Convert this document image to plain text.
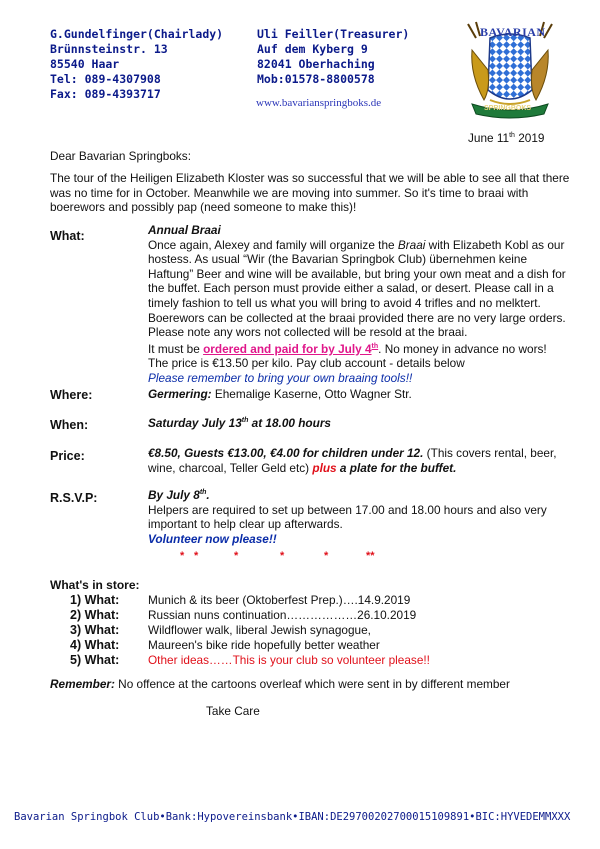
G.Gundelfinger(Chairlady)
Brünnsteinstr. 13
85540 Haar
Tel: 089-4307908
Fax: 089-4393717
Uli Feiller(Treasurer)
Auf dem Kyberg 9
82041 Oberhaching
Mob:01578-8800578
www.bavarianspringboks.de
BAVARIAN
SPRINGBOKS
June 11th 2019
Dear Bavarian Springboks:
The tour of the Heiligen Elizabeth Kloster was so successful that we will be able to see all that there was no time for in October. Meanwhile we are moving into summer. So it's time to braai with boerewors and possibly pap (need someone to make this)!
What:	Annual Braai
Once again, Alexey and family will organize the Braai with Elizabeth Kobl as our hostess. As usual “Wir (the Bavarian Springbok Club) übernehmen keine Haftung” Beer and wine will be available, but bring your own meat and a dish for the buffet. Each person must provide either a salad, or desert. Please call in a timely fashion to tell us what you will bring to avoid 4 trifles and no melktert.
Boerewors can be collected at the braai provided there are no very large orders. Please note any wors not collected will be resold at the braai.
It must be ordered and paid for by July 4th. No money in advance no wors! The price is €13.50 per kilo. Pay club account - details below
Please remember to bring your own braaing tools!!
Where:	Germering: Ehemalige Kaserne, Otto Wagner Str.
When:	Saturday July 13th at 18.00 hours
Price:	€8.50, Guests €13.00, €4.00 for children under 12. (This covers rental, beer, wine, charcoal, Teller Geld etc) plus a plate for the buffet.
R.S.V.P:	By July 8th.
Helpers are required to set up between 17.00 and 18.00 hours and also very important to help clear up afterwards.
Volunteer now please!!
* *	*	*	*	**
What's in store:
1) What:	Munich & its beer (Oktoberfest Prep.)….14.9.2019
2) What:	Russian nuns continuation………………26.10.2019
3) What:	Wildflower walk, liberal Jewish synagogue,
4) What:	Maureen's bike ride hopefully better weather
5) What:	Other ideas……This is your club so volunteer please!!
Remember: No offence at the cartoons overleaf which were sent in by different member
Take Care
Bavarian Springbok Club•Bank:Hypovereinsbank•IBAN:DE29700202700015109891•BIC:HYVEDEMMXXX
